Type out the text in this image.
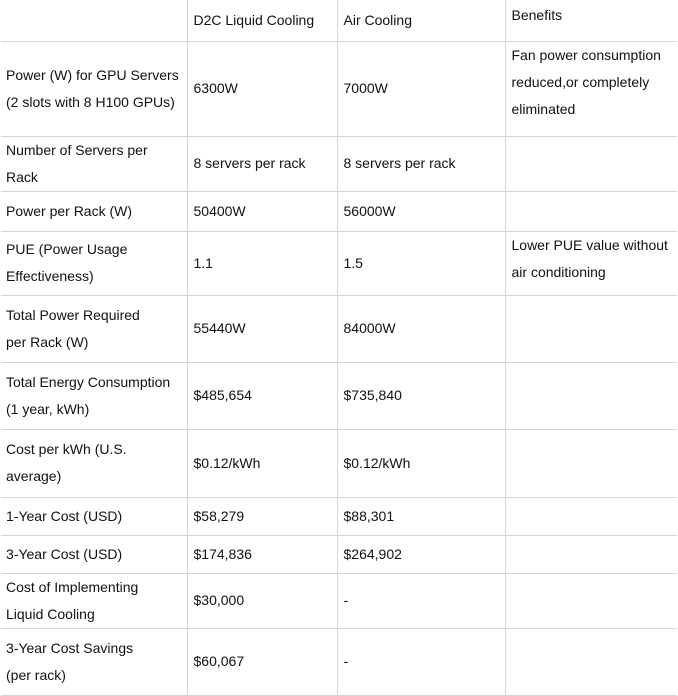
	D2C Liquid Cooling	Air Cooling	Benefits

Power (W) for GPU Servers
(2 slots with 8 H100 GPUs)	6300W	7000W	Fan power consumption
reduced,or completely
eliminated

Number of Servers per Rack	8 servers per rack	8 servers per rack	

Power per Rack (W)	50400W	56000W	

PUE (Power Usage
Effectiveness)	1.1	1.5	Lower PUE value without
air conditioning

Total Power Required
per Rack (W)	55440W	84000W	

Total Energy Consumption
(1 year, kWh)	$485,654	$735,840	

Cost per kWh (U.S. average)	$0.12/kWh	$0.12/kWh	

1-Year Cost (USD)	$58,279	$88,301	

3-Year Cost (USD)	$174,836	$264,902	

Cost of Implementing
Liquid Cooling	$30,000	-	

3-Year Cost Savings
(per rack)	$60,067	-	
